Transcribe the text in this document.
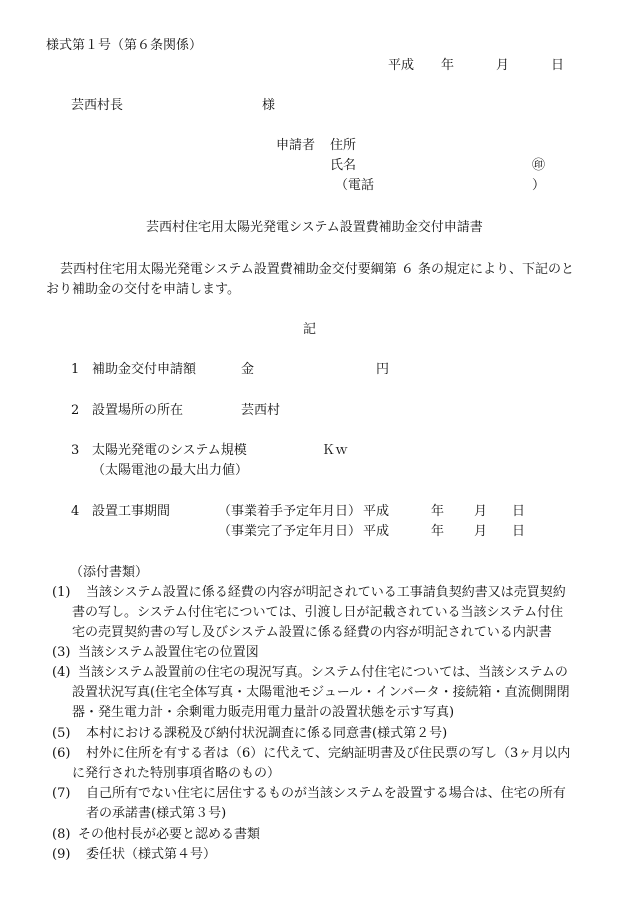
様式第１号（第６条関係）
平成 年	月	日
芸西村長	様
申請者 住所
氏名	㊞
（電話	）
芸西村住宅用太陽光発電システム設置費補助金交付申請書
芸西村住宅用太陽光発電システム設置費補助金交付要綱第 ６ 条の規定により、下記のと
おり補助金の交付を申請します。
記
1 補助金交付申請額	金	円
2 設置場所の所在	芸西村
3 太陽光発電のシステム規模	Ｋｗ
（太陽電池の最大出力値）
4 設置工事期間	（事業着手予定年月日） 平成	年 月 日
（事業完了予定年月日） 平成	年 月 日
（添付書類）
(1) 当該システム設置に係る経費の内容が明記されている工事請負契約書又は売買契約
書の写し。システム付住宅については、引渡し日が記載されている当該システム付住
宅の売買契約書の写し及びシステム設置に係る経費の内容が明記されている内訳書
(3) 当該システム設置住宅の位置図
(4) 当該システム設置前の住宅の現況写真。システム付住宅については、当該システムの
設置状況写真(住宅全体写真・太陽電池モジュール・インバータ・接続箱・直流側開閉
器・発生電力計・余剰電力販売用電力量計の設置状態を示す写真)
(5) 本村における課税及び納付状況調査に係る同意書(様式第２号)
(6) 村外に住所を有する者は（6）に代えて、完納証明書及び住民票の写し（3ヶ月以内
に発行された特別事項省略のもの）
(7) 自己所有でない住宅に居住するものが当該システムを設置する場合は、住宅の所有
者の承諾書(様式第３号)
(8) その他村長が必要と認める書類
(9) 委任状（様式第４号）
